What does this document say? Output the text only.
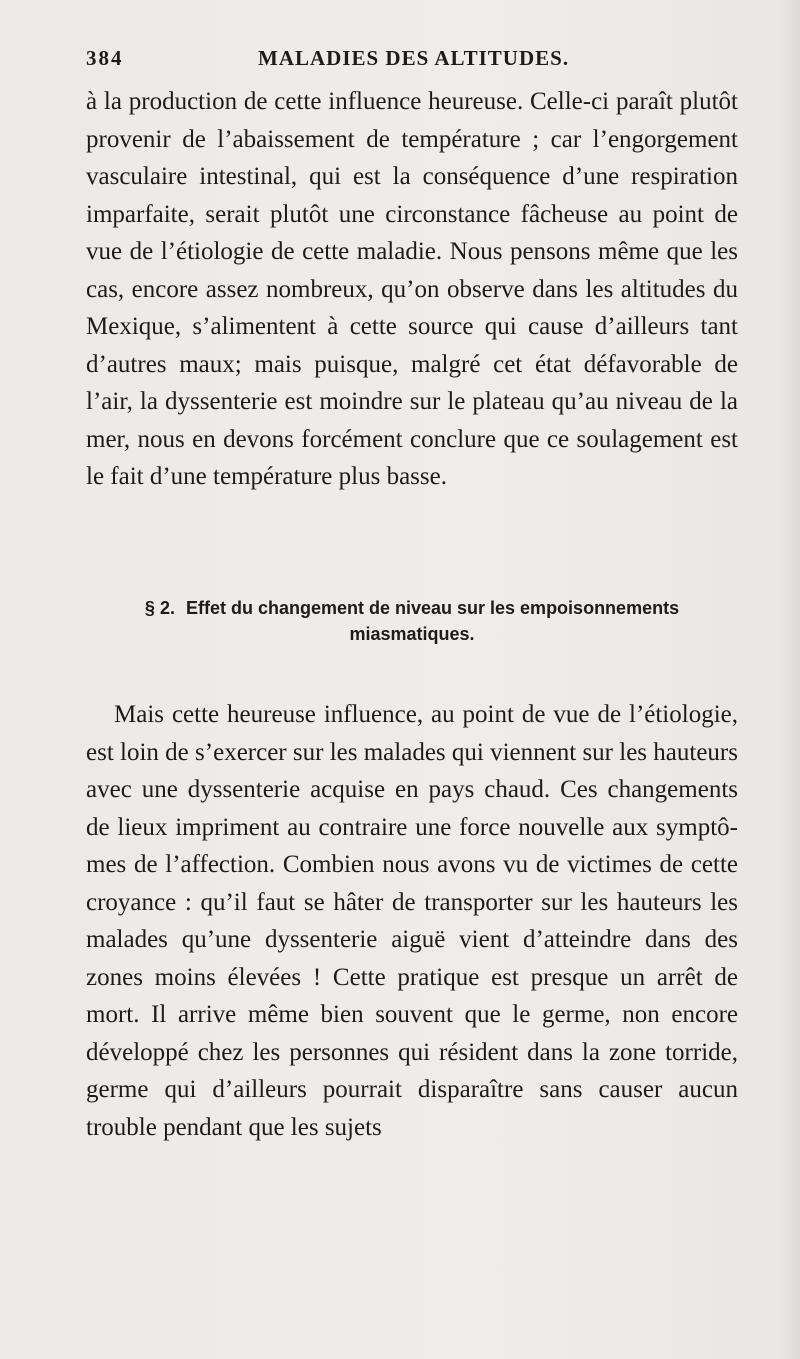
384	MALADIES DES ALTITUDES.

à la production de cette influence heureuse. Celle-ci paraît plutôt provenir de l’abaissement de température ; car l’engorgement vasculaire intestinal, qui est la conséquence d’une respiration imparfaite, serait plutôt une circonstance fâcheuse au point de vue de l’étiologie de cette maladie. Nous pensons même que les cas, encore assez nombreux, qu’on observe dans les altitudes du Mexique, s’alimentent à cette source qui cause d’ailleurs tant d’autres maux; mais puisque, malgré cet état défavorable de l’air, la dyssenterie est moindre sur le plateau qu’au niveau de la mer, nous en devons forcément conclure que ce soulagement est le fait d’une température plus basse.

§ 2. Effet du changement de niveau sur les empoisonnements miasmatiques.

Mais cette heureuse influence, au point de vue de l’étiologie, est loin de s’exercer sur les malades qui viennent sur les hauteurs avec une dyssenterie acquise en pays chaud. Ces changements de lieux impriment au contraire une force nouvelle aux symptômes de l’affection. Combien nous avons vu de victimes de cette croyance : qu’il faut se hâter de transporter sur les hauteurs les malades qu’une dyssenterie aiguë vient d’atteindre dans des zones moins élevées ! Cette pratique est presque un arrêt de mort. Il arrive même bien souvent que le germe, non encore développé chez les personnes qui résident dans la zone torride, germe qui d’ailleurs pourrait disparaître sans causer aucun trouble pendant que les sujets
